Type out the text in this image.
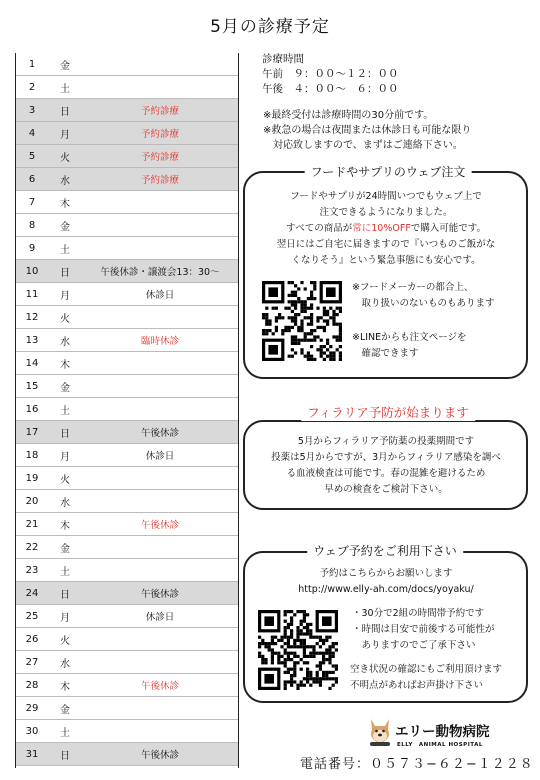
5月の診療予定
1	金
2	土
3	日	予約診療
4	月	予約診療
5	火	予約診療
6	水	予約診療
7	木
8	金
9	土
10	日	午後休診・譲渡会13：30〜
11	月	休診日
12	火
13	水	臨時休診
14	木
15	金
16	土
17	日	午後休診
18	月	休診日
19	火
20	水
21	木	午後休診
22	金
23	土
24	日	午後休診
25	月	休診日
26	火
27	水
28	木	午後休診
29	金
30	土
31	日	午後休診
診療時間
午前　９：００〜１２：００
午後　４：００〜　６：００
※最終受付は診療時間の30分前です。
※救急の場合は夜間または休診日も可能な限り
　対応致しますので、まずはご連絡下さい。
フードやサプリのウェブ注文
フードやサプリが24時間いつでもウェブ上で
注文できるようになりました。
すべての商品が常に10%OFFで購入可能です。
翌日にはご自宅に届きますので『いつものご飯がな
くなりそう』という緊急事態にも安心です。
※フードメーカーの都合上、
　取り扱いのないものもあります
※LINEからも注文ページを
　確認できます
フィラリア予防が始まります
5月からフィラリア予防薬の投薬期間です
投薬は5月からですが、3月からフィラリア感染を調べ
る血液検査は可能です。春の混雑を避けるため
早めの検査をご検討下さい。
ウェブ予約をご利用下さい
予約はこちらからお願いします
http://www.elly-ah.com/docs/yoyaku/
・30分で2組の時間帯予約です
・時間は目安で前後する可能性が
　ありますのでご了承下さい
空き状況の確認にもご利用頂けます
不明点があればお声掛け下さい
エリー動物病院
ELLY　ANIMAL HOSPITAL
電話番号：０５７３−６２−１２２８
